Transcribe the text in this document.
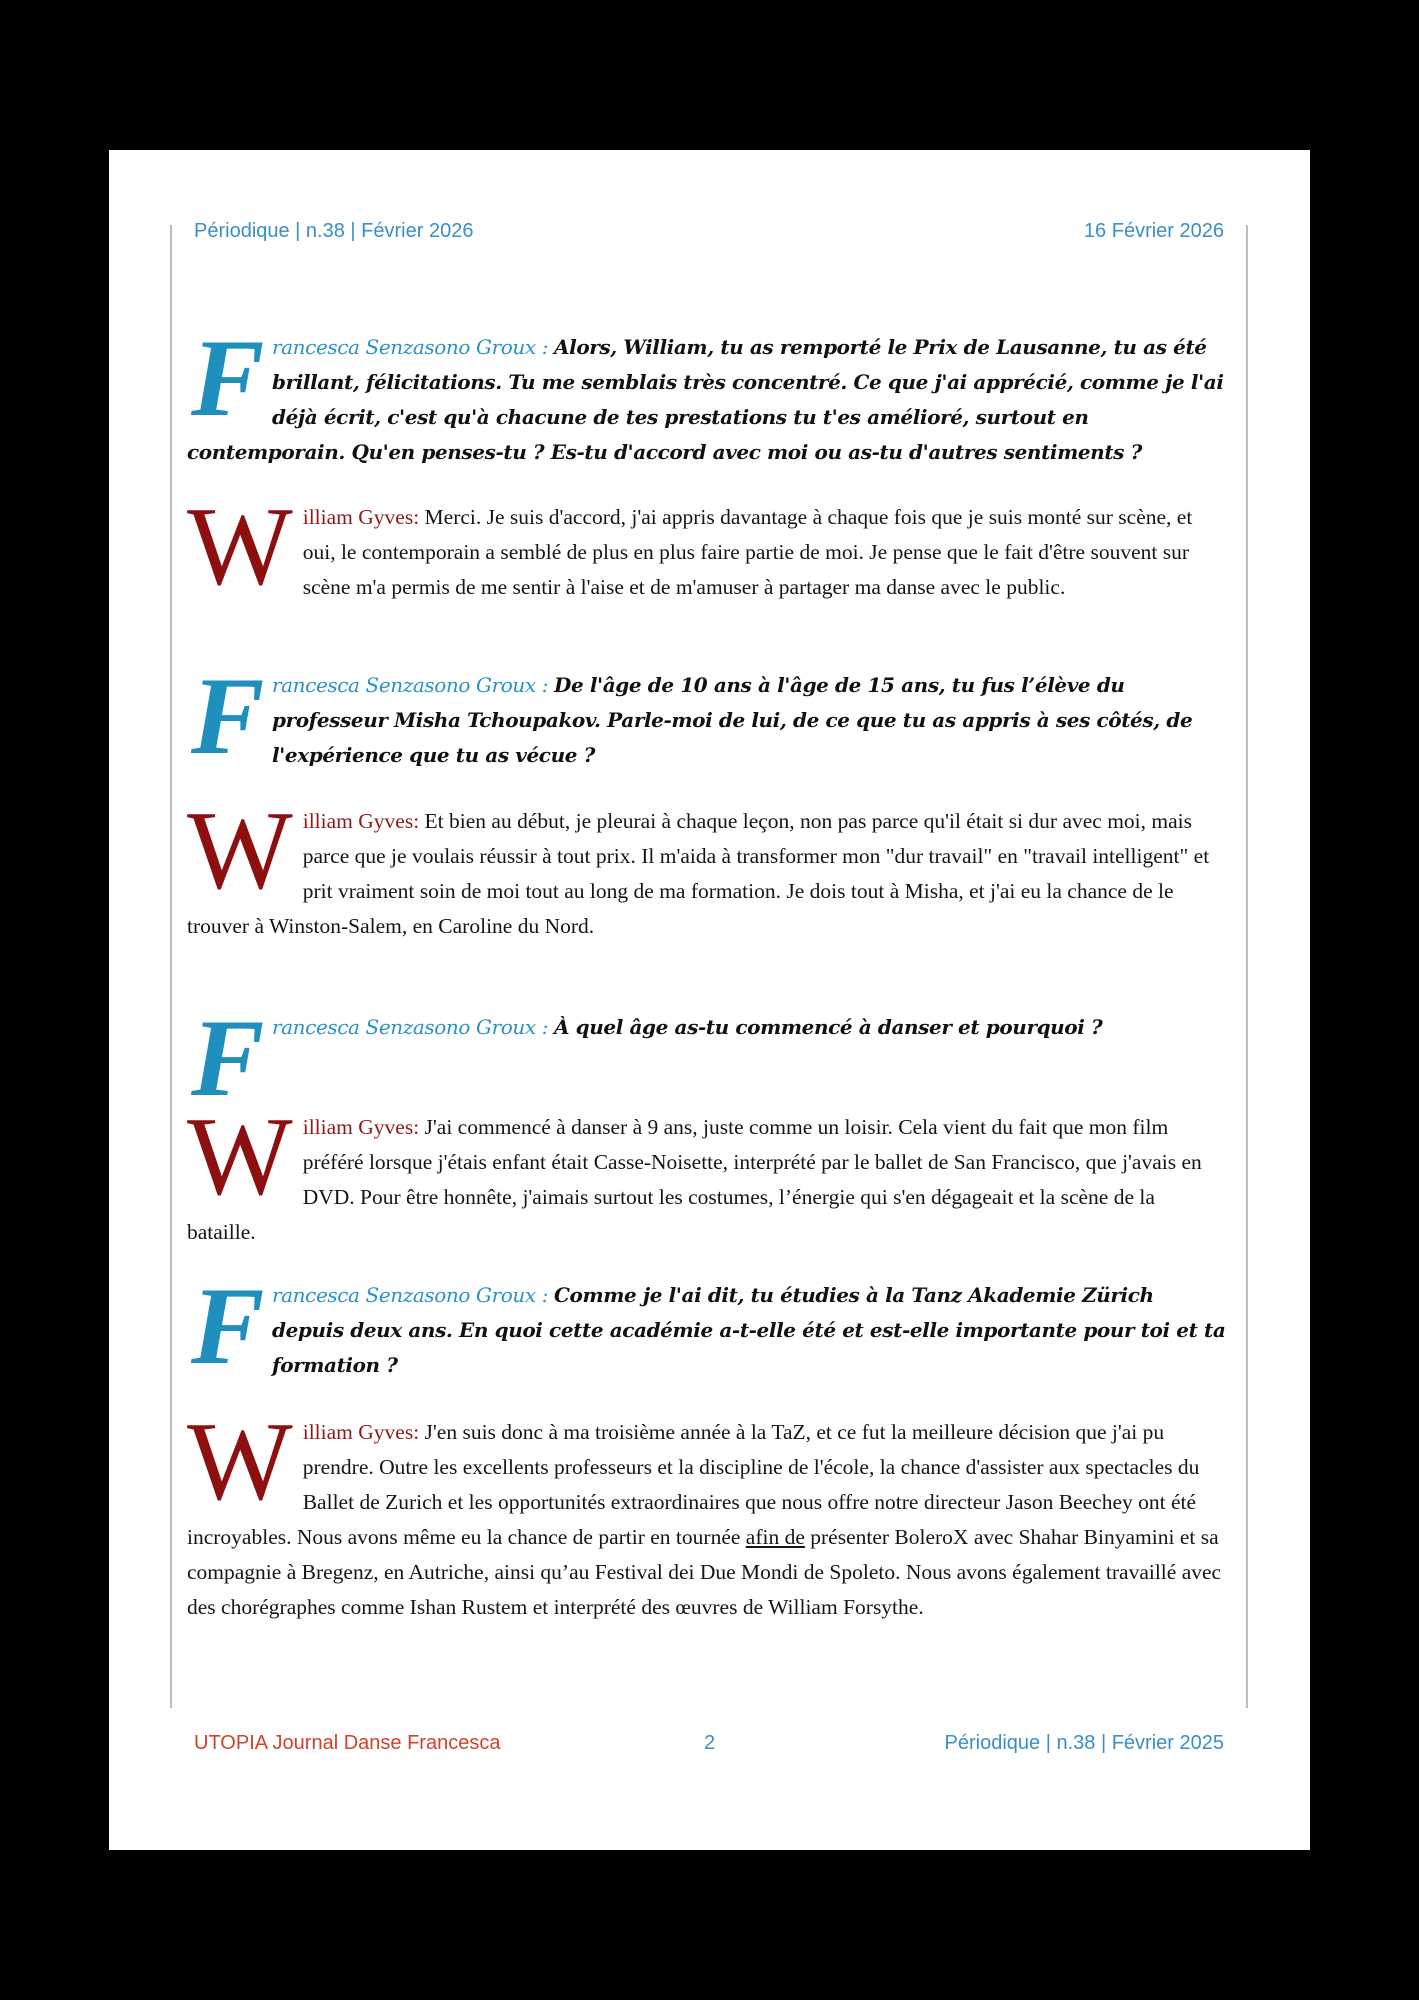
Périodique | n.38 | Février 2026	16 Février 2026
F rancesca Senzasono Groux : Alors, William, tu as remporté le Prix de Lausanne, tu as été brillant, félicitations. Tu me semblais très concentré. Ce que j'ai apprécié, comme je l'ai déjà écrit, c'est qu'à chacune de tes prestations tu t'es amélioré, surtout en contemporain. Qu'en penses-tu ? Es-tu d'accord avec moi ou as-tu d'autres sentiments ?
W illiam Gyves: Merci. Je suis d'accord, j'ai appris davantage à chaque fois que je suis monté sur scène, et oui, le contemporain a semblé de plus en plus faire partie de moi. Je pense que le fait d'être souvent sur scène m'a permis de me sentir à l'aise et de m'amuser à partager ma danse avec le public.
F rancesca Senzasono Groux : De l'âge de 10 ans à l'âge de 15 ans, tu fus l’élève du professeur Misha Tchoupakov. Parle-moi de lui, de ce que tu as appris à ses côtés, de l'expérience que tu as vécue ?
W illiam Gyves: Et bien au début, je pleurai à chaque leçon, non pas parce qu'il était si dur avec moi, mais parce que je voulais réussir à tout prix. Il m'aida à transformer mon "dur travail" en "travail intelligent" et prit vraiment soin de moi tout au long de ma formation. Je dois tout à Misha, et j'ai eu la chance de le trouver à Winston-Salem, en Caroline du Nord.
F rancesca Senzasono Groux : À quel âge as-tu commencé à danser et pourquoi ?
W illiam Gyves: J'ai commencé à danser à 9 ans, juste comme un loisir. Cela vient du fait que mon film préféré lorsque j'étais enfant était Casse-Noisette, interprété par le ballet de San Francisco, que j'avais en DVD. Pour être honnête, j'aimais surtout les costumes, l’énergie qui s'en dégageait et la scène de la bataille.
F rancesca Senzasono Groux : Comme je l'ai dit, tu étudies à la Tanz Akademie Zürich depuis deux ans. En quoi cette académie a-t-elle été et est-elle importante pour toi et ta formation ?
W illiam Gyves: J'en suis donc à ma troisième année à la TaZ, et ce fut la meilleure décision que j'ai pu prendre. Outre les excellents professeurs et la discipline de l'école, la chance d'assister aux spectacles du Ballet de Zurich et les opportunités extraordinaires que nous offre notre directeur Jason Beechey ont été incroyables. Nous avons même eu la chance de partir en tournée afin de présenter BoleroX avec Shahar Binyamini et sa compagnie à Bregenz, en Autriche, ainsi qu’au Festival dei Due Mondi de Spoleto. Nous avons également travaillé avec des chorégraphes comme Ishan Rustem et interprété des œuvres de William Forsythe.
UTOPIA Journal Danse Francesca	2	Périodique | n.38 | Février 2025
